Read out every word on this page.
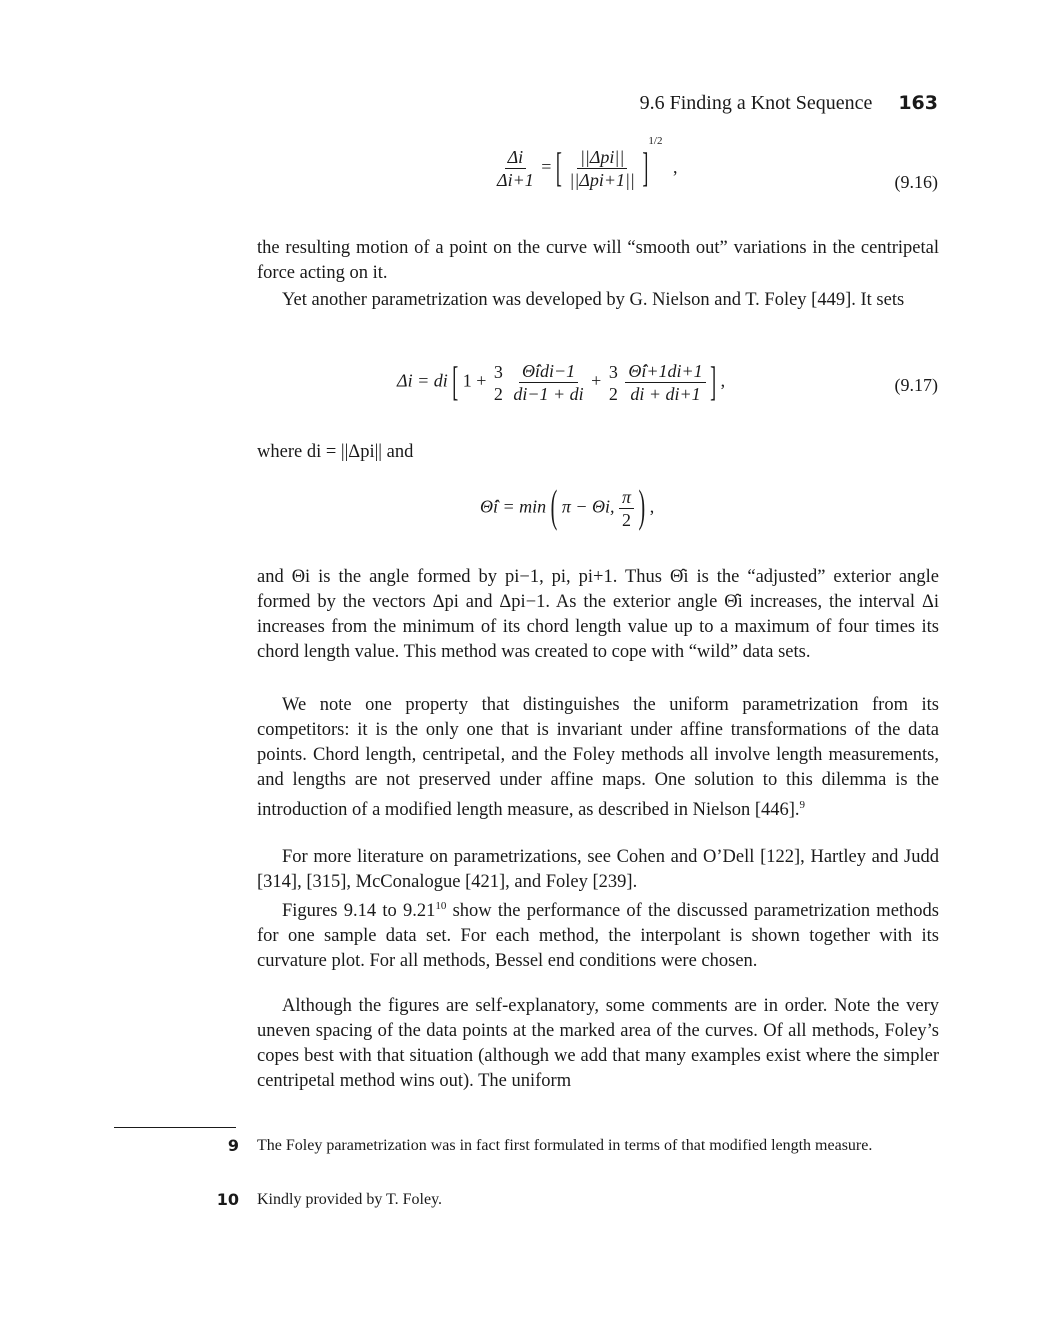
9.6 Finding a Knot Sequence 163
$\frac{\Delta i}{\Delta i+1}$ = [ $\frac{\text{||Δpi||}}{\text{||Δpi+1||}} ]^{1/2}$ ,
(9.16)
the resulting motion of a point on the curve will “smooth out” variations in the centripetal force acting on it.
Yet another parametrization was developed by G. Nielson and T. Foley [449]. It sets
Δi = di [ 1 + 3
2
$\frac{\text{Θ̂idi−1}}{di-1 + di} + 3$
2
$\frac{\Thetâi+1di+1}{di + di+1}$ ] ,	(9.17)
where di = ||Δpi|| and
Θ̂i = min ( π − Θi, $\frac{\pi}{2}$ ) ,
and Θi is the angle formed by pi−1, pi, pi+1. Thus Θ̂i is the “adjusted” exterior angle formed by the vectors Δpi and Δpi−1. As the exterior angle Θ̂i increases, the interval Δi increases from the minimum of its chord length value up to a maximum of four times its chord length value. This method was created to cope with “wild” data sets.
We note one property that distinguishes the uniform parametrization from its competitors: it is the only one that is invariant under affine transformations of the data points. Chord length, centripetal, and the Foley methods all involve length measurements, and lengths are not preserved under affine maps. One solution to this dilemma is the introduction of a modified length measure, as described in Nielson [446].$^9$
For more literature on parametrizations, see Cohen and O’Dell [122], Hartley and Judd [314], [315], McConalogue [421], and Foley [239].
Figures 9.14 to 9.21$^{10}$ show the performance of the discussed parametrization methods for one sample data set. For each method, the interpolant is shown together with its curvature plot. For all methods, Bessel end conditions were chosen.
Although the figures are self-explanatory, some comments are in order. Note the very uneven spacing of the data points at the marked area of the curves. Of all methods, Foley’s copes best with that situation (although we add that many examples exist where the simpler centripetal method wins out). The uniform
9 The Foley parametrization was in fact first formulated in terms of that modified length measure.
10 Kindly provided by T. Foley.
